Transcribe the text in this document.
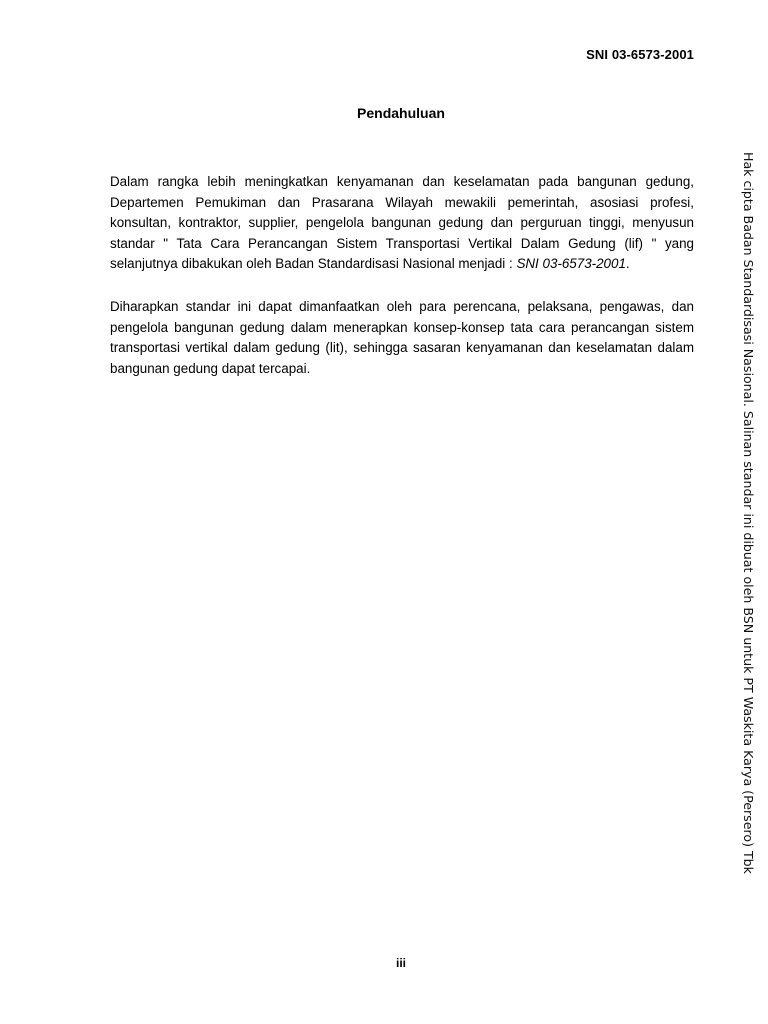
SNI 03-6573-2001
Pendahuluan

Dalam rangka lebih meningkatkan kenyamanan dan keselamatan pada bangunan gedung, Departemen Pemukiman dan Prasarana Wilayah mewakili pemerintah, asosiasi profesi, konsultan, kontraktor, supplier, pengelola bangunan gedung dan perguruan tinggi, menyusun standar " Tata Cara Perancangan Sistem Transportasi Vertikal Dalam Gedung (lif) " yang selanjutnya dibakukan oleh Badan Standardisasi Nasional menjadi : SNI 03-6573-2001.

Diharapkan standar ini dapat dimanfaatkan oleh para perencana, pelaksana, pengawas, dan pengelola bangunan gedung dalam menerapkan konsep-konsep tata cara perancangan sistem transportasi vertikal dalam gedung (lit), sehingga sasaran kenyamanan dan keselamatan dalam bangunan gedung dapat tercapai.	Hak cipta Badan Standardisasi Nasional. Salinan standar ini dibuat oleh BSN untuk PT Waskita Karya (Persero) Tbk
iii
